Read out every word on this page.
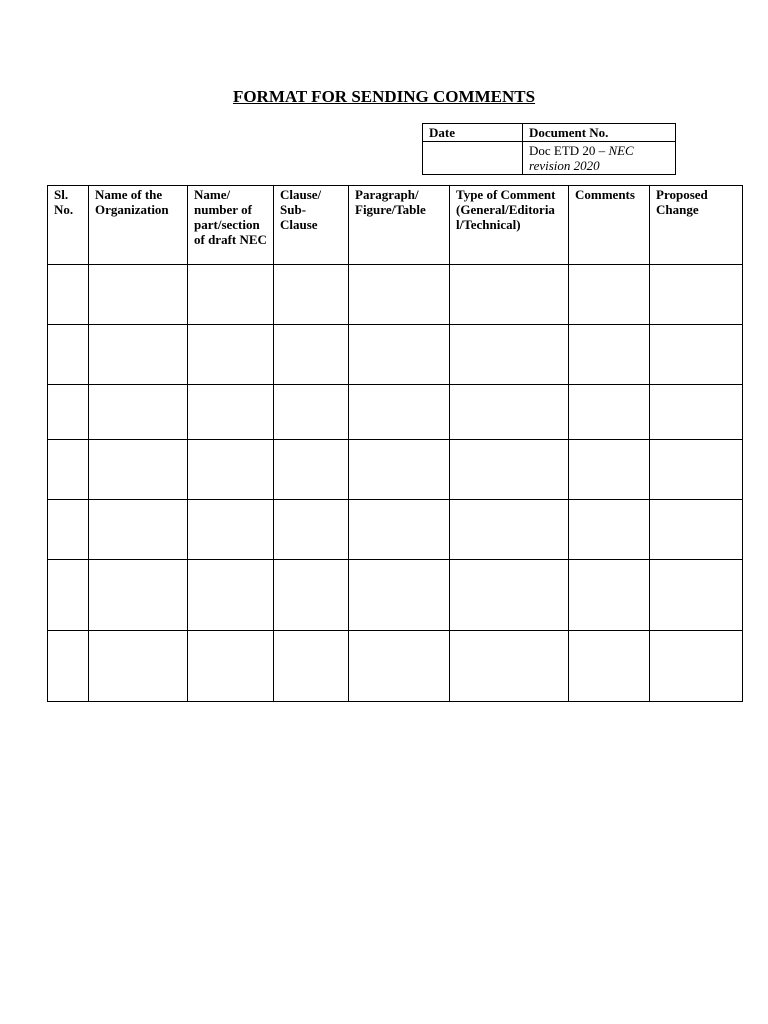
FORMAT FOR SENDING COMMENTS
Date	Document No.
	Doc ETD 20 – NEC revision 2020
Sl. No.	Name of the Organization	Name/ number of part/section of draft NEC	Clause/ Sub-Clause	Paragraph/ Figure/Table	Type of Comment (General/Editorial/Technical)	Comments	Proposed Change
